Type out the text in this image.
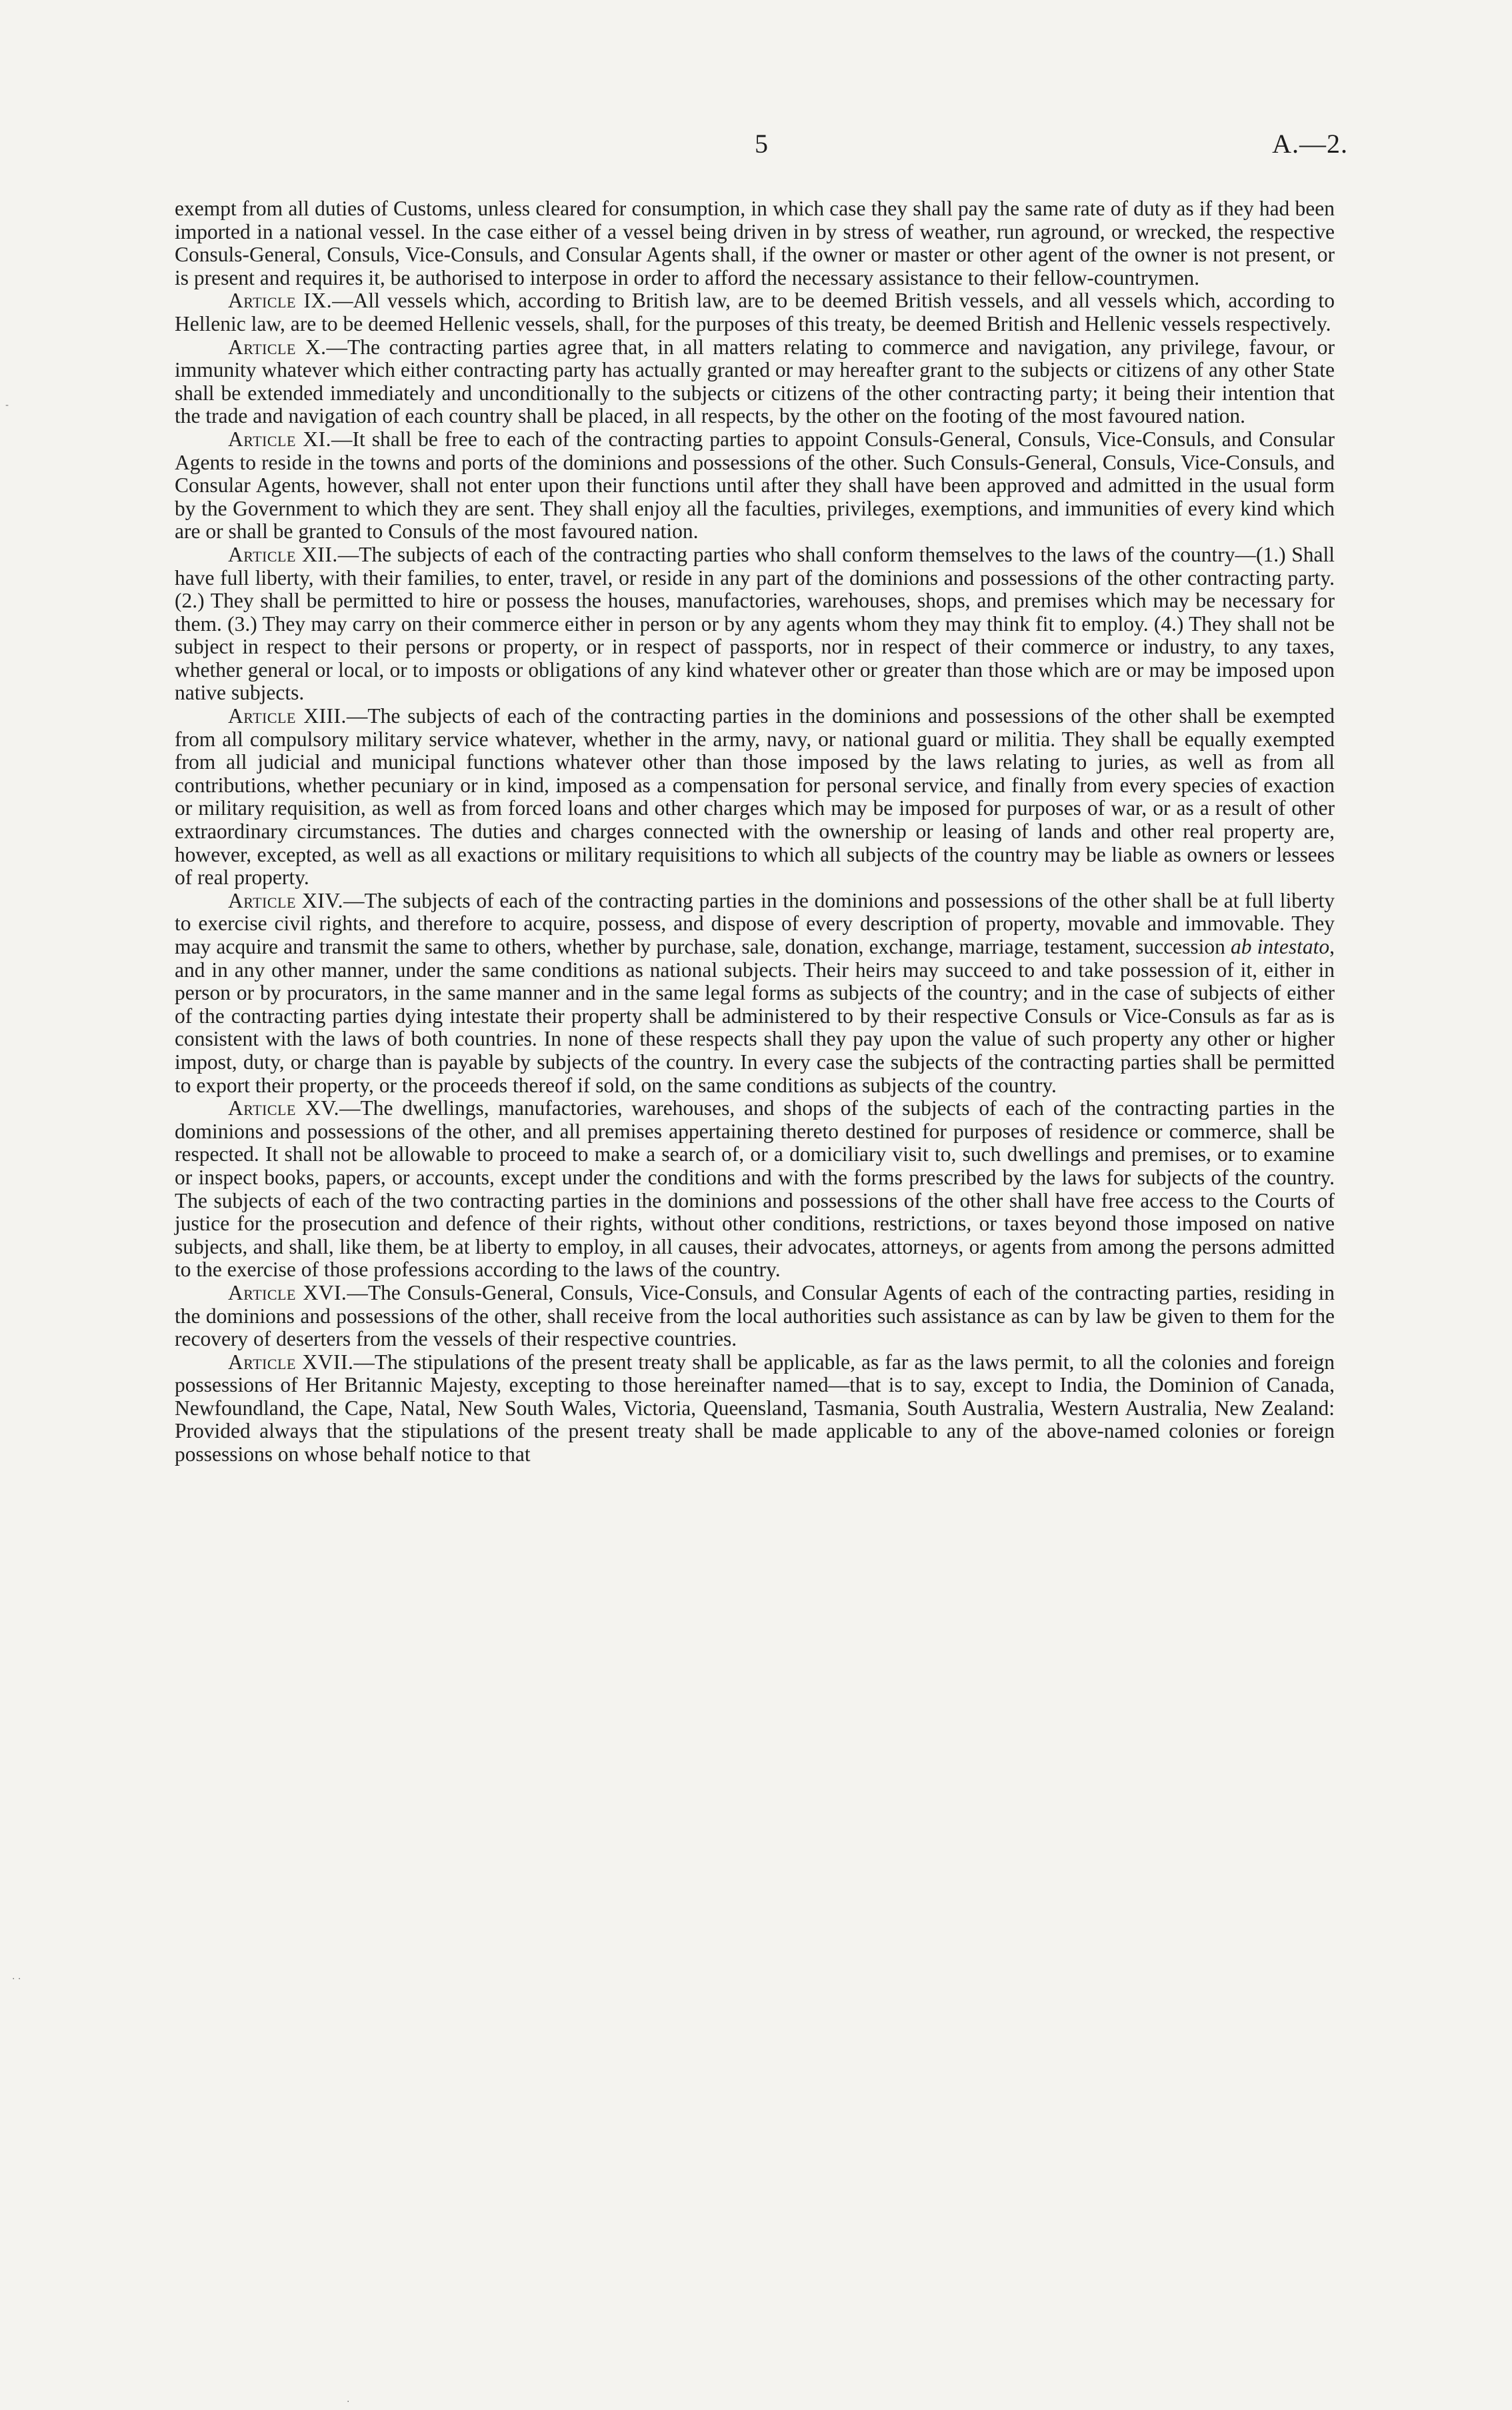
5	A.—2.

exempt from all duties of Customs, unless cleared for consumption, in which case they shall pay the same rate of duty as if they had been imported in a national vessel. In the case either of a vessel being driven in by stress of weather, run aground, or wrecked, the respective Consuls-General, Consuls, Vice-Consuls, and Consular Agents shall, if the owner or master or other agent of the owner is not present, or is present and requires it, be authorised to interpose in order to afford the necessary assistance to their fellow-countrymen.

Article IX.—All vessels which, according to British law, are to be deemed British vessels, and all vessels which, according to Hellenic law, are to be deemed Hellenic vessels, shall, for the purposes of this treaty, be deemed British and Hellenic vessels respectively.

Article X.—The contracting parties agree that, in all matters relating to commerce and navigation, any privilege, favour, or immunity whatever which either contracting party has actually granted or may hereafter grant to the subjects or citizens of any other State shall be extended immediately and unconditionally to the subjects or citizens of the other contracting party; it being their intention that the trade and navigation of each country shall be placed, in all respects, by the other on the footing of the most favoured nation.

Article XI.—It shall be free to each of the contracting parties to appoint Consuls-General, Consuls, Vice-Consuls, and Consular Agents to reside in the towns and ports of the dominions and possessions of the other. Such Consuls-General, Consuls, Vice-Consuls, and Consular Agents, however, shall not enter upon their functions until after they shall have been approved and admitted in the usual form by the Government to which they are sent. They shall enjoy all the faculties, privileges, exemptions, and immunities of every kind which are or shall be granted to Consuls of the most favoured nation.

Article XII.—The subjects of each of the contracting parties who shall conform themselves to the laws of the country—(1.) Shall have full liberty, with their families, to enter, travel, or reside in any part of the dominions and possessions of the other contracting party. (2.) They shall be permitted to hire or possess the houses, manufactories, warehouses, shops, and premises which may be necessary for them. (3.) They may carry on their commerce either in person or by any agents whom they may think fit to employ. (4.) They shall not be subject in respect to their persons or property, or in respect of passports, nor in respect of their commerce or industry, to any taxes, whether general or local, or to imposts or obligations of any kind whatever other or greater than those which are or may be imposed upon native subjects.

Article XIII.—The subjects of each of the contracting parties in the dominions and possessions of the other shall be exempted from all compulsory military service whatever, whether in the army, navy, or national guard or militia. They shall be equally exempted from all judicial and municipal functions whatever other than those imposed by the laws relating to juries, as well as from all contributions, whether pecuniary or in kind, imposed as a compensation for personal service, and finally from every species of exaction or military requisition, as well as from forced loans and other charges which may be imposed for purposes of war, or as a result of other extraordinary circumstances. The duties and charges connected with the ownership or leasing of lands and other real property are, however, excepted, as well as all exactions or military requisitions to which all subjects of the country may be liable as owners or lessees of real property.

Article XIV.—The subjects of each of the contracting parties in the dominions and possessions of the other shall be at full liberty to exercise civil rights, and therefore to acquire, possess, and dispose of every description of property, movable and immovable. They may acquire and transmit the same to others, whether by purchase, sale, donation, exchange, marriage, testament, succession ab intestato, and in any other manner, under the same conditions as national subjects. Their heirs may succeed to and take possession of it, either in person or by procurators, in the same manner and in the same legal forms as subjects of the country; and in the case of subjects of either of the contracting parties dying intestate their property shall be administered to by their respective Consuls or Vice-Consuls as far as is consistent with the laws of both countries. In none of these respects shall they pay upon the value of such property any other or higher impost, duty, or charge than is payable by subjects of the country. In every case the subjects of the contracting parties shall be permitted to export their property, or the proceeds thereof if sold, on the same conditions as subjects of the country.

Article XV.—The dwellings, manufactories, warehouses, and shops of the subjects of each of the contracting parties in the dominions and possessions of the other, and all premises appertaining thereto destined for purposes of residence or commerce, shall be respected. It shall not be allowable to proceed to make a search of, or a domiciliary visit to, such dwellings and premises, or to examine or inspect books, papers, or accounts, except under the conditions and with the forms prescribed by the laws for subjects of the country. The subjects of each of the two contracting parties in the dominions and possessions of the other shall have free access to the Courts of justice for the prosecution and defence of their rights, without other conditions, restrictions, or taxes beyond those imposed on native subjects, and shall, like them, be at liberty to employ, in all causes, their advocates, attorneys, or agents from among the persons admitted to the exercise of those professions according to the laws of the country.

Article XVI.—The Consuls-General, Consuls, Vice-Consuls, and Consular Agents of each of the contracting parties, residing in the dominions and possessions of the other, shall receive from the local authorities such assistance as can by law be given to them for the recovery of deserters from the vessels of their respective countries.

Article XVII.—The stipulations of the present treaty shall be applicable, as far as the laws permit, to all the colonies and foreign possessions of Her Britannic Majesty, excepting to those hereinafter named—that is to say, except to India, the Dominion of Canada, Newfoundland, the Cape, Natal, New South Wales, Victoria, Queensland, Tasmania, South Australia, Western Australia, New Zealand: Provided always that the stipulations of the present treaty shall be made applicable to any of the above-named colonies or foreign possessions on whose behalf notice to that

-
· ·
.
